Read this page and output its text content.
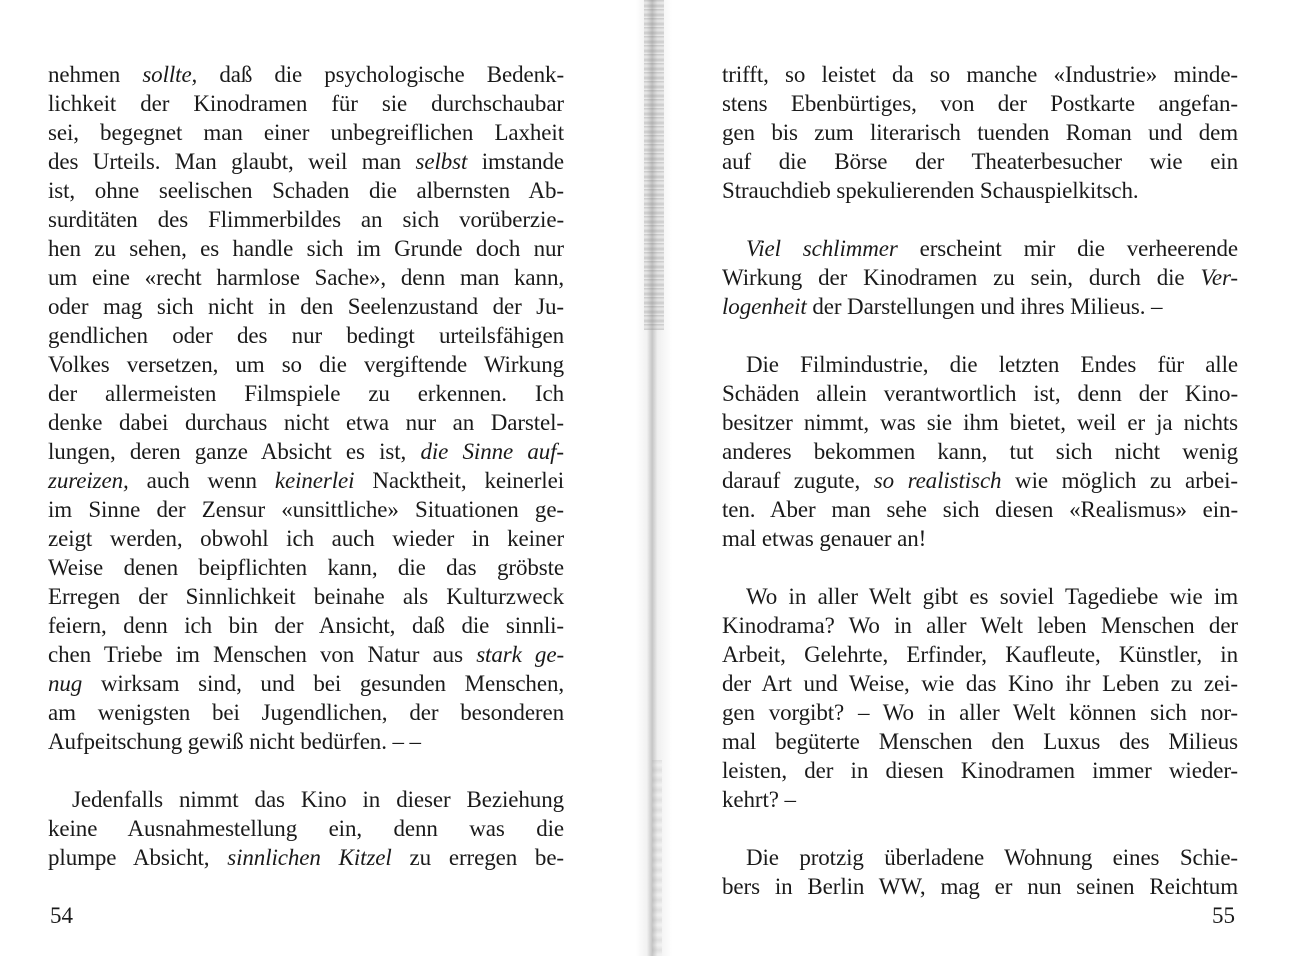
nehmen sollte, daß die psychologische Bedenk-
lichkeit der Kinodramen für sie durchschaubar
sei, begegnet man einer unbegreiflichen Laxheit
des Urteils. Man glaubt, weil man selbst imstande
ist, ohne seelischen Schaden die albernsten Ab-
surditäten des Flimmerbildes an sich vorüberzie-
hen zu sehen, es handle sich im Grunde doch nur
um eine «recht harmlose Sache», denn man kann,
oder mag sich nicht in den Seelenzustand der Ju-
gendlichen oder des nur bedingt urteilsfähigen
Volkes versetzen, um so die vergiftende Wirkung
der allermeisten Filmspiele zu erkennen. Ich
denke dabei durchaus nicht etwa nur an Darstel-
lungen, deren ganze Absicht es ist, die Sinne auf-
zureizen, auch wenn keinerlei Nacktheit, keinerlei
im Sinne der Zensur «unsittliche» Situationen ge-
zeigt werden, obwohl ich auch wieder in keiner
Weise denen beipflichten kann, die das gröbste
Erregen der Sinnlichkeit beinahe als Kulturzweck
feiern, denn ich bin der Ansicht, daß die sinnli-
chen Triebe im Menschen von Natur aus stark ge-
nug wirksam sind, und bei gesunden Menschen,
am wenigsten bei Jugendlichen, der besonderen
Aufpeitschung gewiß nicht bedürfen. – –
Jedenfalls nimmt das Kino in dieser Beziehung
keine Ausnahmestellung ein, denn was die
plumpe Absicht, sinnlichen Kitzel zu erregen be-
trifft, so leistet da so manche «Industrie» minde-
stens Ebenbürtiges, von der Postkarte angefan-
gen bis zum literarisch tuenden Roman und dem
auf die Börse der Theaterbesucher wie ein
Strauchdieb spekulierenden Schauspielkitsch.
Viel schlimmer erscheint mir die verheerende
Wirkung der Kinodramen zu sein, durch die Ver-
logenheit der Darstellungen und ihres Milieus. –
Die Filmindustrie, die letzten Endes für alle
Schäden allein verantwortlich ist, denn der Kino-
besitzer nimmt, was sie ihm bietet, weil er ja nichts
anderes bekommen kann, tut sich nicht wenig
darauf zugute, so realistisch wie möglich zu arbei-
ten. Aber man sehe sich diesen «Realismus» ein-
mal etwas genauer an!
Wo in aller Welt gibt es soviel Tagediebe wie im
Kinodrama? Wo in aller Welt leben Menschen der
Arbeit, Gelehrte, Erfinder, Kaufleute, Künstler, in
der Art und Weise, wie das Kino ihr Leben zu zei-
gen vorgibt? – Wo in aller Welt können sich nor-
mal begüterte Menschen den Luxus des Milieus
leisten, der in diesen Kinodramen immer wieder-
kehrt? –
Die protzig überladene Wohnung eines Schie-
bers in Berlin WW, mag er nun seinen Reichtum
54	55
